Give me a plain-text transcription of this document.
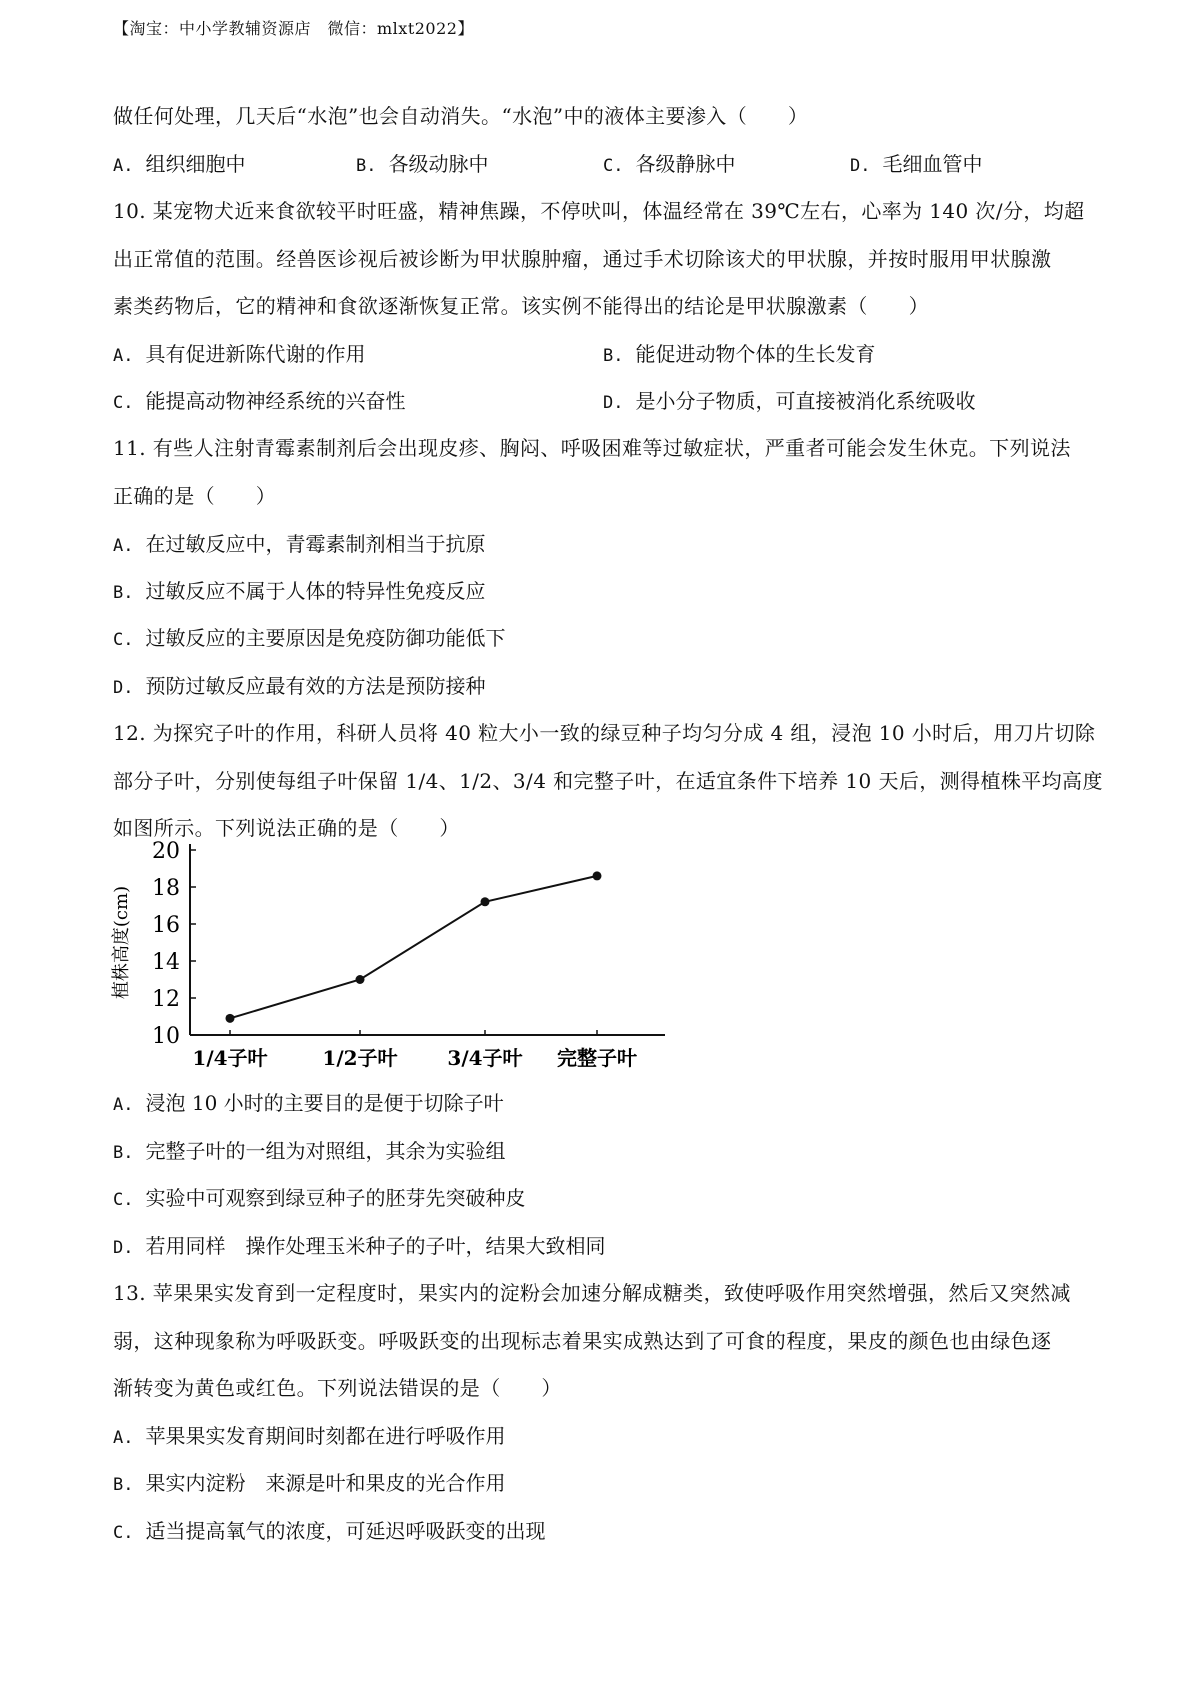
【淘宝：中小学教辅资源店　微信：mlxt2022】
做任何处理，几天后“水泡”也会自动消失。“水泡”中的液体主要渗入（　　）
A. 组织细胞中	B. 各级动脉中	C. 各级静脉中	D. 毛细血管中
10. 某宠物犬近来食欲较平时旺盛，精神焦躁，不停吠叫，体温经常在 39℃左右，心率为 140 次/分，均超
出正常值的范围。经兽医诊视后被诊断为甲状腺肿瘤，通过手术切除该犬的甲状腺，并按时服用甲状腺激
素类药物后，它的精神和食欲逐渐恢复正常。该实例不能得出的结论是甲状腺激素（　　）
A. 具有促进新陈代谢的作用	B. 能促进动物个体的生长发育
C. 能提高动物神经系统的兴奋性	D. 是小分子物质，可直接被消化系统吸收
11. 有些人注射青霉素制剂后会出现皮疹、胸闷、呼吸困难等过敏症状，严重者可能会发生休克。下列说法
正确的是（　　）
A. 在过敏反应中，青霉素制剂相当于抗原
B. 过敏反应不属于人体的特异性免疫反应
C. 过敏反应的主要原因是免疫防御功能低下
D. 预防过敏反应最有效的方法是预防接种
12. 为探究子叶的作用，科研人员将 40 粒大小一致的绿豆种子均匀分成 4 组，浸泡 10 小时后，用刀片切除
部分子叶，分别使每组子叶保留 1/4、1/2、3/4 和完整子叶，在适宜条件下培养 10 天后，测得植株平均高度
如图所示。下列说法正确的是（　　）
10
12
14
16
18
20
1/4子叶	1/2子叶 3/4子叶 完整子叶
植株高度(cm)
A. 浸泡 10 小时的主要目的是便于切除子叶
B. 完整子叶的一组为对照组，其余为实验组
C. 实验中可观察到绿豆种子的胚芽先突破种皮
D. 若用同样　操作处理玉米种子的子叶，结果大致相同
13. 苹果果实发育到一定程度时，果实内的淀粉会加速分解成糖类，致使呼吸作用突然增强，然后又突然减
弱，这种现象称为呼吸跃变。呼吸跃变的出现标志着果实成熟达到了可食的程度，果皮的颜色也由绿色逐
渐转变为黄色或红色。下列说法错误的是（　　）
A. 苹果果实发育期间时刻都在进行呼吸作用
B. 果实内淀粉　来源是叶和果皮的光合作用
C. 适当提高氧气的浓度，可延迟呼吸跃变的出现
